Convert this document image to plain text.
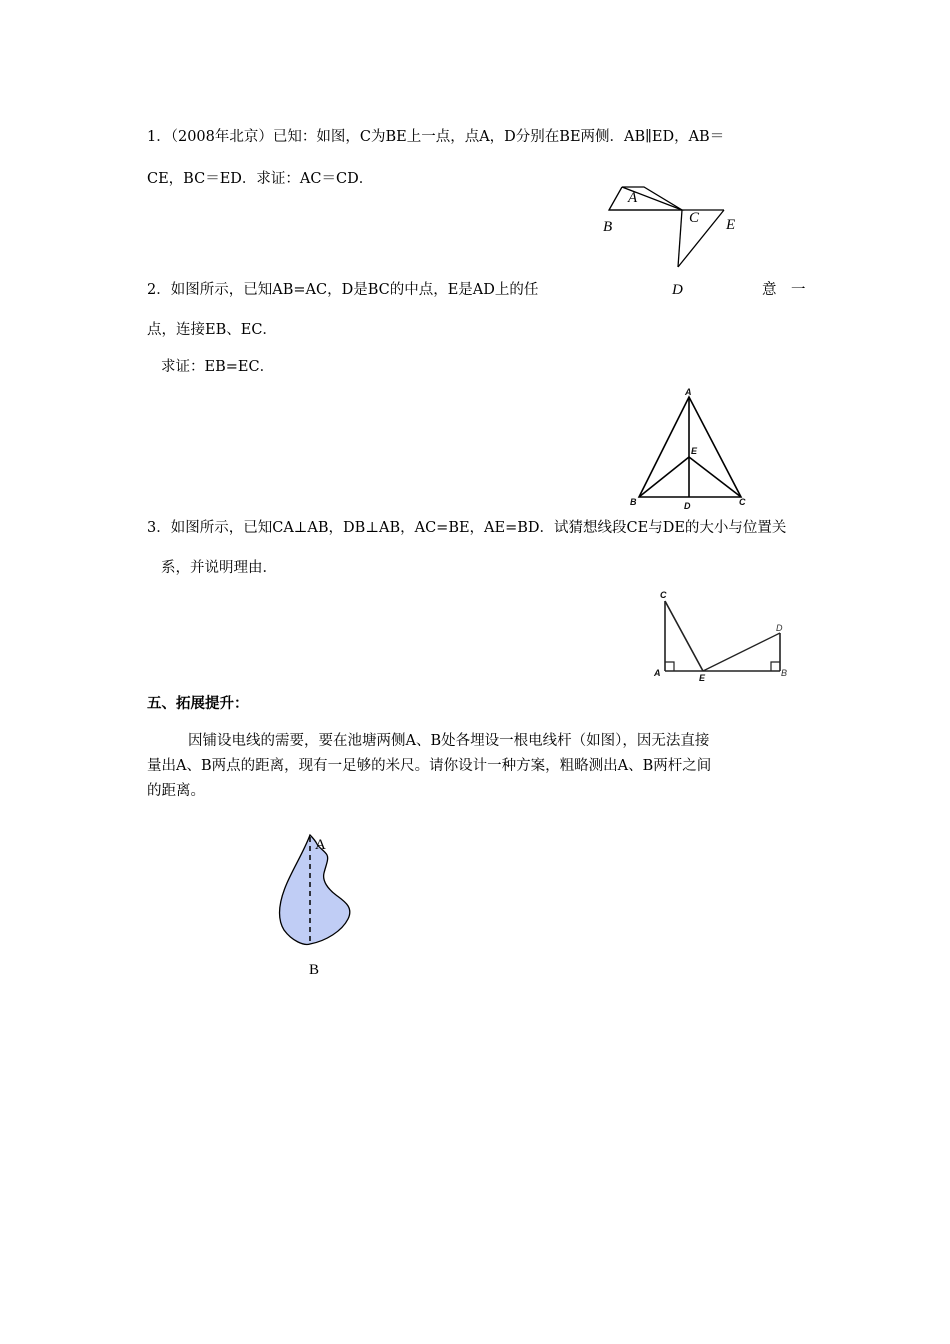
1．（2008年北京）已知：如图，C为BE上一点，点A，D分别在BE两侧．AB∥ED，AB＝
CE，BC＝ED．求证：AC＝CD．
A
B
C E
2．如图所示，已知AB=AC，D是BC的中点，E是AD上的任	D	意　一
点，连接EB、EC．
求证：EB=EC．
A
E
B	D	C
3．如图所示，已知CA⊥AB，DB⊥AB，AC=BE，AE=BD．试猜想线段CE与DE的大小与位置关
系，并说明理由．
C
D
A	E	B
五、拓展提升：
因铺设电线的需要，要在池塘两侧A、B处各埋设一根电线杆（如图），因无法直接
量出A、B两点的距离，现有一足够的米尺。请你设计一种方案，粗略测出A、B两杆之间
的距离。
A
B
